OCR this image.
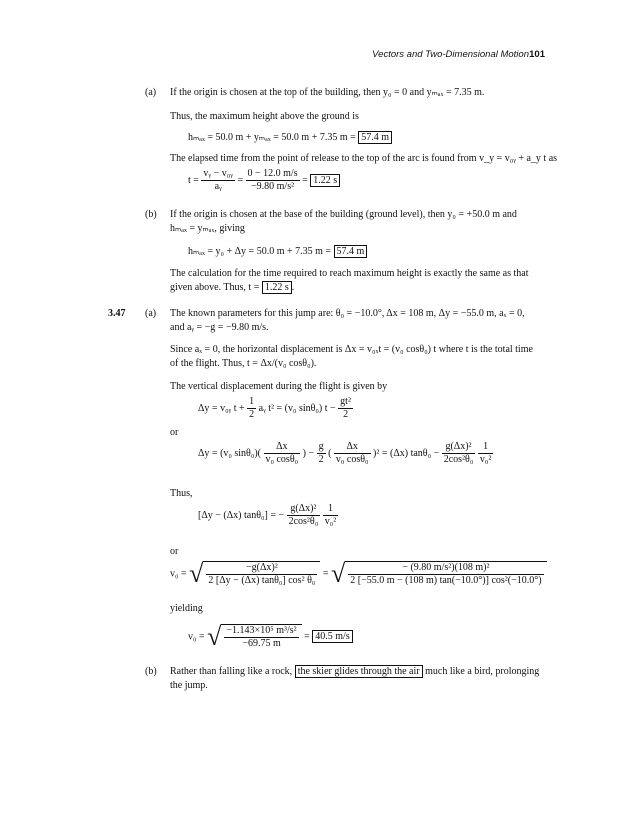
Vectors and Two-Dimensional Motion 101
(a) If the origin is chosen at the top of the building, then y₀ = 0 and yₘₐₓ = 7.35 m.
Thus, the maximum height above the ground is
hₘₐₓ = 50.0 m + yₘₐₓ = 50.0 m + 7.35 m = 57.4 m
The elapsed time from the point of release to the top of the arc is found from v_y = v₀ᵧ + a_y t as
$t = \frac{\text{vᵧ − v₀ᵧ}}{\text{aᵧ}} = \frac{0 - 12.0 m/s}{\text{−9.80 m/s²}} = 1.22$ s
(b) If the origin is chosen at the base of the building (ground level), then y₀ = +50.0 m and
hₘₐₓ = yₘₐₓ, giving
hₘₐₓ = y₀ + Δy = 50.0 m + 7.35 m = 57.4 m
The calculation for the time required to reach maximum height is exactly the same as that
given above. Thus, t = 1.22 s .
3.47 (a) The known parameters for this jump are: θ₀ = −10.0°, Δx = 108 m, Δy = −55.0 m, aₓ = 0,
and aᵧ = −g = −9.80 m/s.
Since aₓ = 0, the horizontal displacement is Δx = v₀ₓt = (v₀ cosθ₀) t where t is the total time
of the flight. Thus, t = Δx/(v₀ cosθ₀).
The vertical displacement during the flight is given by
Δy = v₀ᵧ $t + \frac{1}{2}$ aᵧ t² = (v₀ sinθ₀) $t - \frac{\text{gt²}}{2}$
or
Δy = (v₀ $\sin\theta_0)( \frac{\Delta x}{\text{v₀ cosθ₀}}$ ) − $\frac{g}{2}$ ( $\frac{\Delta x}{\text{v₀ cosθ₀}} )^2 = (\Delta x)$ $\tan\theta_0 - \frac{\text{g(Δx)²}}{\text{2cos²θ₀}}$
$\frac{1}{\text{v₀²}}$
Thus,
[Δy − (Δx) tanθ₀] = − $\frac{\text{g(Δx)²}}{\text{2cos²θ₀}}$
$\frac{1}{\text{v₀²}}$
or
v₀ = √ $\frac{\text{−g(Δx)²}}{\text{2 [Δy − (Δx) tanθ₀] cos² θ₀}}$ = √ $\frac{\text{− (9.80 m/s²)(108 m)²}}{\text{2 [−55.0 m − (108 m) tan(−10.0°)] cos²(−10.0°)}}$
yielding
v₀ = √ $\frac{\text{−1.143×10⁵ m³/s²}}{-69.75 m} = 40.5$ m/s
(b) Rather than falling like a rock, the skier glides through the air much like a bird, prolonging
the jump.
